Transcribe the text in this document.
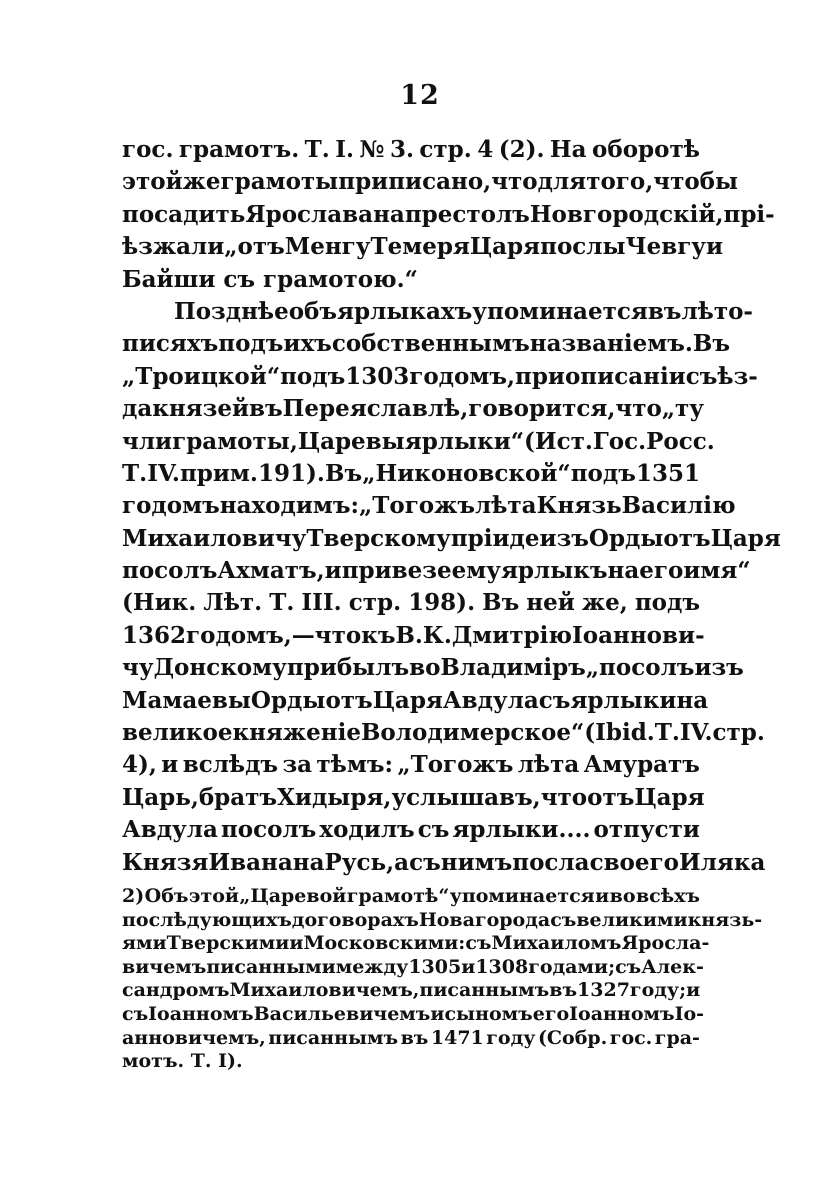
12
гос. грамотъ. Т. I. № 3. стр. 4 (2). На оборотѣ
этой же грамоты приписано, что для того, чтобы
посадить Ярослава на престолъ Новгородскій, прі-
ѣзжали „отъ Менгу Темеря Царя послы Чевгу и
Байши съ грамотою.“
Позднѣе объ ярлыкахъ упоминается въ лѣто-
писяхъ подъ ихъ собственнымъ названіемъ. Въ
„Троицкой“ подъ 1303 годомъ, при описаніи съѣз-
да князей въ Переяславлѣ, говорится, что „ту
чли грамоты, Царевы ярлыки“ (Ист. Гос. Росс.
Т. IV. прим. 191). Въ „Никоновской“ подъ 1351
годомъ находимъ: „Тогожъ лѣта Князь Василію
Михаиловичу Тверскому пріиде изъ Орды отъ Царя
посолъ Ахматъ, и привезе ему ярлыкъ на его имя“
(Ник. Лѣт. Т. III. стр. 198). Въ ней же, подъ
1362 годомъ, — что къ В. К. Дмитрію Іоаннови-
чу Донскому прибылъ во Владиміръ „посолъ изъ
Мамаевы Орды отъ Царя Авдула съ ярлыки на
великое княженіе Володимерское“ (Ibid. Т. IV. стр.
4), и вслѣдъ за тѣмъ: „Тогожъ лѣта Амуратъ
Царь, братъ Хидыря, услышавъ, что отъ Царя
Авдула посолъ ходилъ съ ярлыки.... отпусти
Князя Ивана на Русь, а съ нимъ посла своего Иляка
2) Объ этой „Царевой грамотѣ“ упоминается и во всѣхъ
послѣдующихъ договорахъ Новагорода съ великими князь-
ями Тверскими и Московскими: съ Михаиломъ Яросла-
вичемъ писанными между 1305 и 1308 годами; съ Алек-
сандромъ Михаиловичемъ, писаннымъ въ 1327 году; и
съ Іоанномъ Васильевичемъ и сыномъ его Іоанномъ Іо-
анновичемъ, писаннымъ въ 1471 году (Собр. гос. гра-
мотъ. Т. I).
